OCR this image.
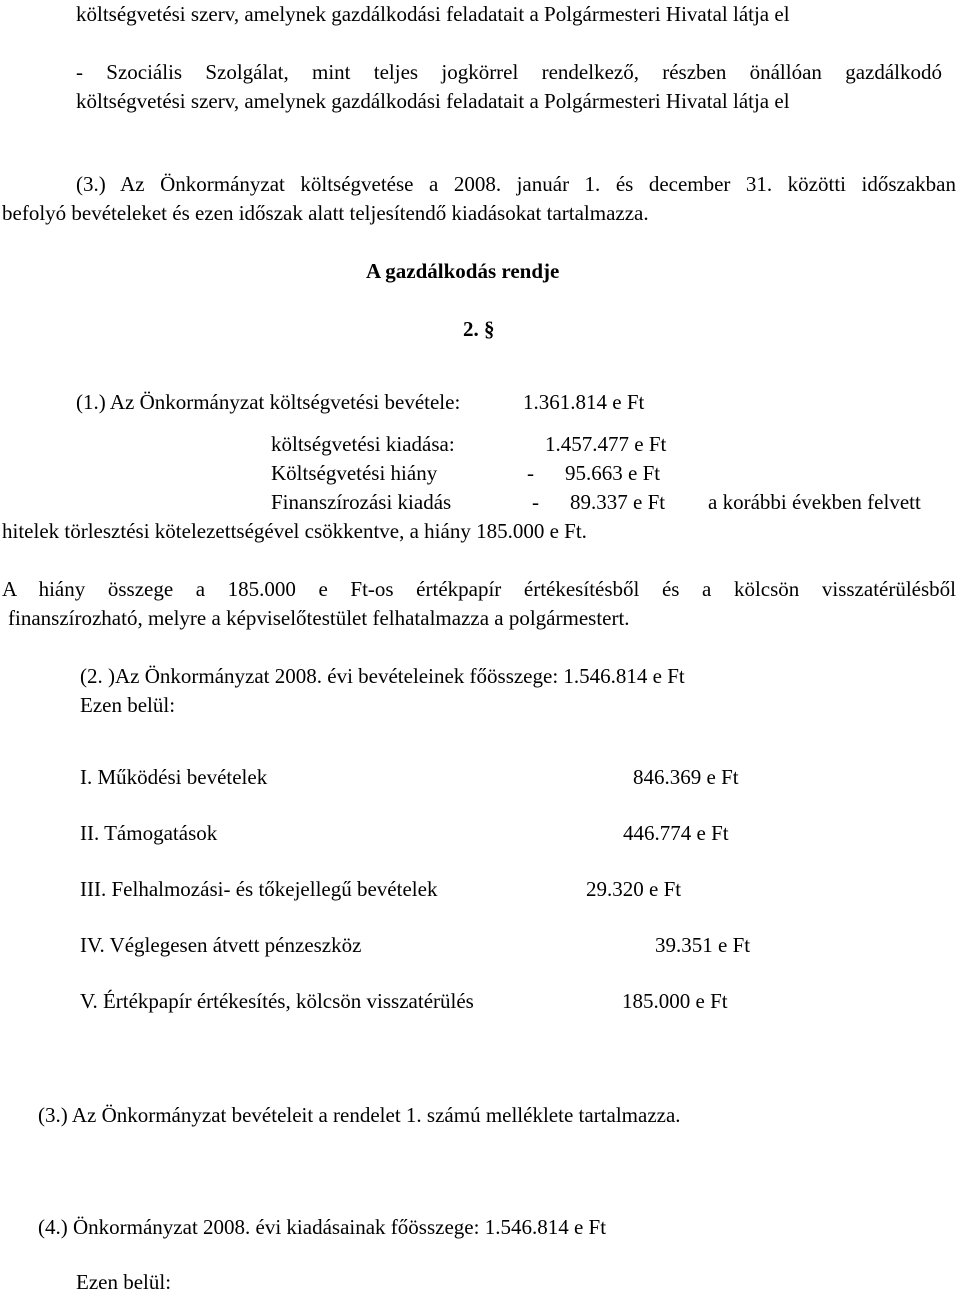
költségvetési szerv, amelynek gazdálkodási feladatait a Polgármesteri Hivatal látja el
- Szociális Szolgálat, mint teljes jogkörrel rendelkező, részben önállóan gazdálkodó
költségvetési szerv, amelynek gazdálkodási feladatait a Polgármesteri Hivatal látja el
(3.) Az Önkormányzat költségvetése a 2008. január 1. és december 31. közötti időszakban
befolyó bevételeket és ezen időszak alatt teljesítendő kiadásokat tartalmazza.
A gazdálkodás rendje
2. §
(1.) Az Önkormányzat költségvetési bevétele:	1.361.814 e Ft
költségvetési kiadása:	1.457.477 e Ft
Költségvetési hiány	- 95.663 e Ft
Finanszírozási kiadás	- 89.337 e Ft a korábbi években felvett
hitelek törlesztési kötelezettségével csökkentve, a hiány 185.000 e Ft.
A hiány összege a 185.000 e Ft-os értékpapír értékesítésből és a kölcsön visszatérülésből
finanszírozható, melyre a képviselőtestület felhatalmazza a polgármestert.
(2. )Az Önkormányzat 2008. évi bevételeinek főösszege: 1.546.814 e Ft
Ezen belül:
I. Működési bevételek	846.369 e Ft
II. Támogatások	446.774 e Ft
III. Felhalmozási- és tőkejellegű bevételek	29.320 e Ft
IV. Véglegesen átvett pénzeszköz	39.351 e Ft
V. Értékpapír értékesítés, kölcsön visszatérülés	185.000 e Ft
(3.) Az Önkormányzat bevételeit a rendelet 1. számú melléklete tartalmazza.
(4.) Önkormányzat 2008. évi kiadásainak főösszege: 1.546.814 e Ft
Ezen belül:
